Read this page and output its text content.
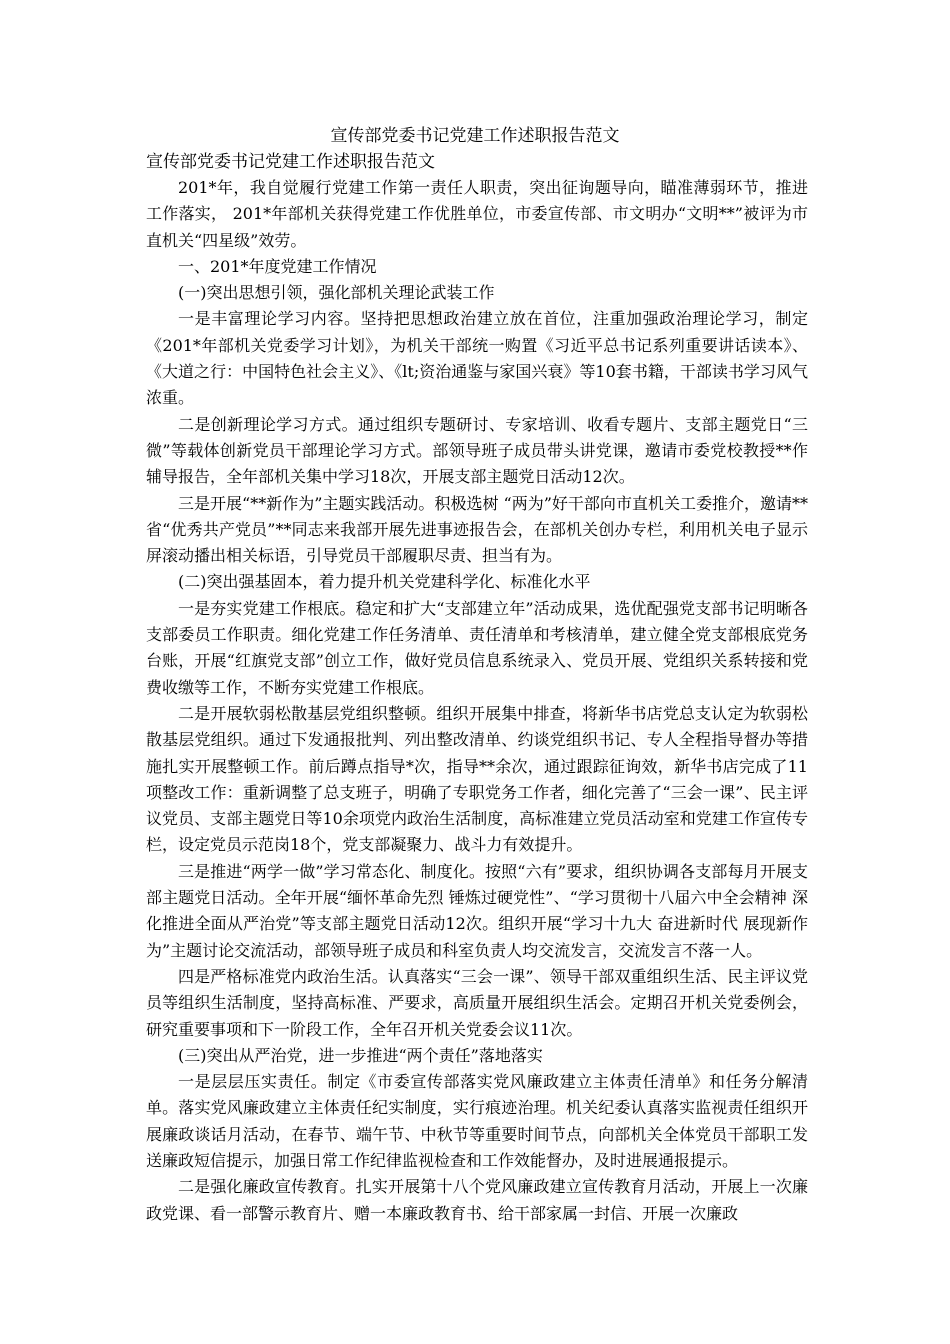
宣传部党委书记党建工作述职报告范文
宣传部党委书记党建工作述职报告范文

201*年，我自觉履行党建工作第一责任人职责，突出征询题导向，瞄准薄弱环节，推进工作落实， 201*年部机关获得党建工作优胜单位，市委宣传部、市文明办“文明**”被评为市直机关“四星级”效劳。

一、201*年度党建工作情况

(一)突出思想引领，强化部机关理论武装工作

一是丰富理论学习内容。坚持把思想政治建立放在首位，注重加强政治理论学习，制定《201*年部机关党委学习计划》，为机关干部统一购置《习近平总书记系列重要讲话读本》、《大道之行：中国特色社会主义》、《lt;资治通鉴与家国兴衰》等10套书籍，干部读书学习风气浓重。

二是创新理论学习方式。通过组织专题研讨、专家培训、收看专题片、支部主题党日“三微”等载体创新党员干部理论学习方式。部领导班子成员带头讲党课，邀请市委党校教授**作辅导报告，全年部机关集中学习18次，开展支部主题党日活动12次。

三是开展“**新作为”主题实践活动。积极选树 “两为”好干部向市直机关工委推介，邀请**省“优秀共产党员”**同志来我部开展先进事迹报告会，在部机关创办专栏，利用机关电子显示屏滚动播出相关标语，引导党员干部履职尽责、担当有为。

(二)突出强基固本，着力提升机关党建科学化、标准化水平

一是夯实党建工作根底。稳定和扩大“支部建立年”活动成果，选优配强党支部书记明晰各支部委员工作职责。细化党建工作任务清单、责任清单和考核清单，建立健全党支部根底党务台账，开展“红旗党支部”创立工作，做好党员信息系统录入、党员开展、党组织关系转接和党费收缴等工作，不断夯实党建工作根底。

二是开展软弱松散基层党组织整顿。组织开展集中排查，将新华书店党总支认定为软弱松散基层党组织。通过下发通报批判、列出整改清单、约谈党组织书记、专人全程指导督办等措施扎实开展整顿工作。前后蹲点指导*次，指导**余次，通过跟踪征询效，新华书店完成了11项整改工作：重新调整了总支班子，明确了专职党务工作者，细化完善了“三会一课”、民主评议党员、支部主题党日等10余项党内政治生活制度，高标准建立党员活动室和党建工作宣传专栏，设定党员示范岗18个，党支部凝聚力、战斗力有效提升。

三是推进“两学一做”学习常态化、制度化。按照“六有”要求，组织协调各支部每月开展支部主题党日活动。全年开展“缅怀革命先烈 锤炼过硬党性”、“学习贯彻十八届六中全会精神 深化推进全面从严治党”等支部主题党日活动12次。组织开展“学习十九大 奋进新时代 展现新作为”主题讨论交流活动，部领导班子成员和科室负责人均交流发言，交流发言不落一人。

四是严格标准党内政治生活。认真落实“三会一课”、领导干部双重组织生活、民主评议党员等组织生活制度，坚持高标准、严要求，高质量开展组织生活会。定期召开机关党委例会，研究重要事项和下一阶段工作，全年召开机关党委会议11次。

(三)突出从严治党，进一步推进“两个责任”落地落实

一是层层压实责任。制定《市委宣传部落实党风廉政建立主体责任清单》和任务分解清单。落实党风廉政建立主体责任纪实制度，实行痕迹治理。机关纪委认真落实监视责任组织开展廉政谈话月活动，在春节、端午节、中秋节等重要时间节点，向部机关全体党员干部职工发送廉政短信提示，加强日常工作纪律监视检查和工作效能督办，及时进展通报提示。

二是强化廉政宣传教育。扎实开展第十八个党风廉政建立宣传教育月活动，开展上一次廉政党课、看一部警示教育片、赠一本廉政教育书、给干部家属一封信、开展一次廉政
